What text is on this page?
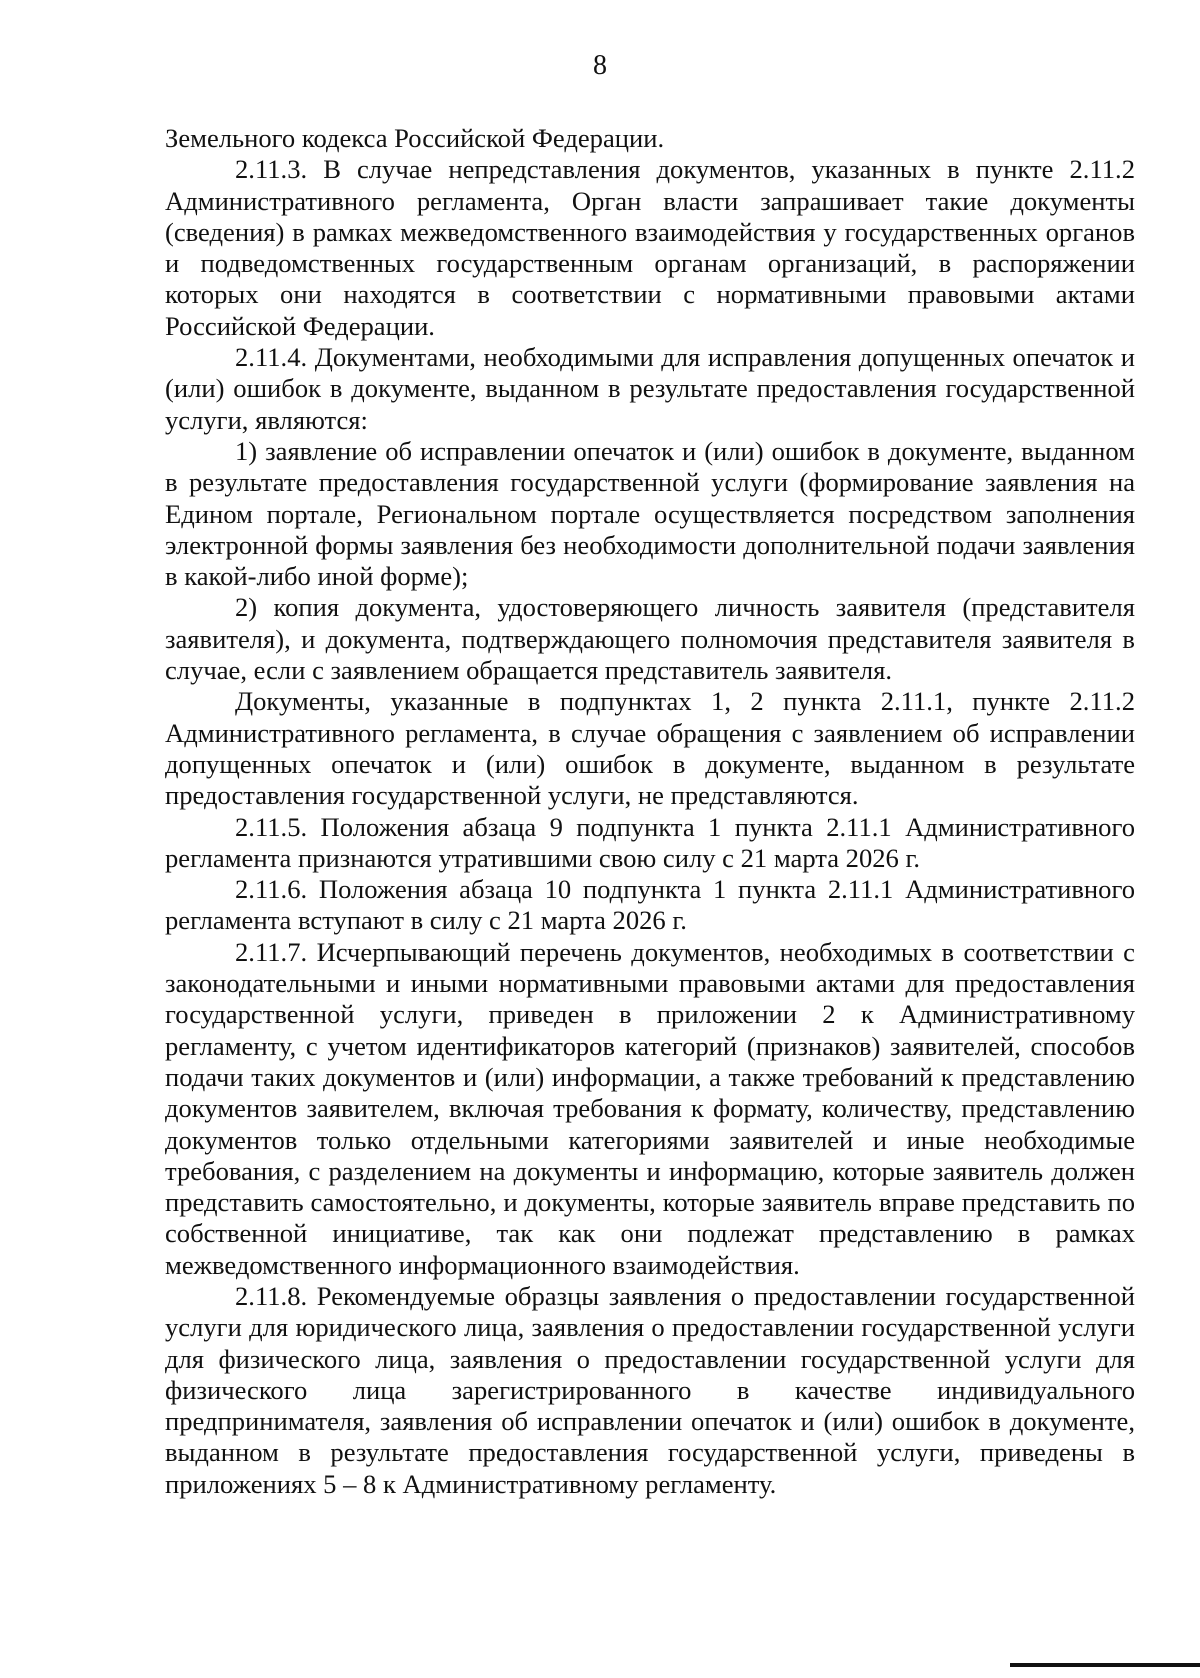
8

Земельного кодекса Российской Федерации.

2.11.3. В случае непредставления документов, указанных в пункте 2.11.2 Административного регламента, Орган власти запрашивает такие документы (сведения) в рамках межведомственного взаимодействия у государственных органов и подведомственных государственным органам организаций, в распоряжении которых они находятся в соответствии с нормативными правовыми актами Российской Федерации.

2.11.4. Документами, необходимыми для исправления допущенных опечаток и (или) ошибок в документе, выданном в результате предоставления государственной услуги, являются:

1) заявление об исправлении опечаток и (или) ошибок в документе, выданном в результате предоставления государственной услуги (формирование заявления на Едином портале, Региональном портале осуществляется посредством заполнения электронной формы заявления без необходимости дополнительной подачи заявления в какой-либо иной форме);

2) копия документа, удостоверяющего личность заявителя (представителя заявителя), и документа, подтверждающего полномочия представителя заявителя в случае, если с заявлением обращается представитель заявителя.

Документы, указанные в подпунктах 1, 2 пункта 2.11.1, пункте 2.11.2 Административного регламента, в случае обращения с заявлением об исправлении допущенных опечаток и (или) ошибок в документе, выданном в результате предоставления государственной услуги, не представляются.

2.11.5. Положения абзаца 9 подпункта 1 пункта 2.11.1 Административного регламента признаются утратившими свою силу с 21 марта 2026 г.

2.11.6. Положения абзаца 10 подпункта 1 пункта 2.11.1 Административного регламента вступают в силу с 21 марта 2026 г.

2.11.7. Исчерпывающий перечень документов, необходимых в соответствии с законодательными и иными нормативными правовыми актами для предоставления государственной услуги, приведен в приложении 2 к Административному регламенту, с учетом идентификаторов категорий (признаков) заявителей, способов подачи таких документов и (или) информации, а также требований к представлению документов заявителем, включая требования к формату, количеству, представлению документов только отдельными категориями заявителей и иные необходимые требования, с разделением на документы и информацию, которые заявитель должен представить самостоятельно, и документы, которые заявитель вправе представить по собственной инициативе, так как они подлежат представлению в рамках межведомственного информационного взаимодействия.

2.11.8. Рекомендуемые образцы заявления о предоставлении государственной услуги для юридического лица, заявления о предоставлении государственной услуги для физического лица, заявления о предоставлении государственной услуги для физического лица зарегистрированного в качестве индивидуального предпринимателя, заявления об исправлении опечаток и (или) ошибок в документе, выданном в результате предоставления государственной услуги, приведены в приложениях 5 – 8 к Административному регламенту.
